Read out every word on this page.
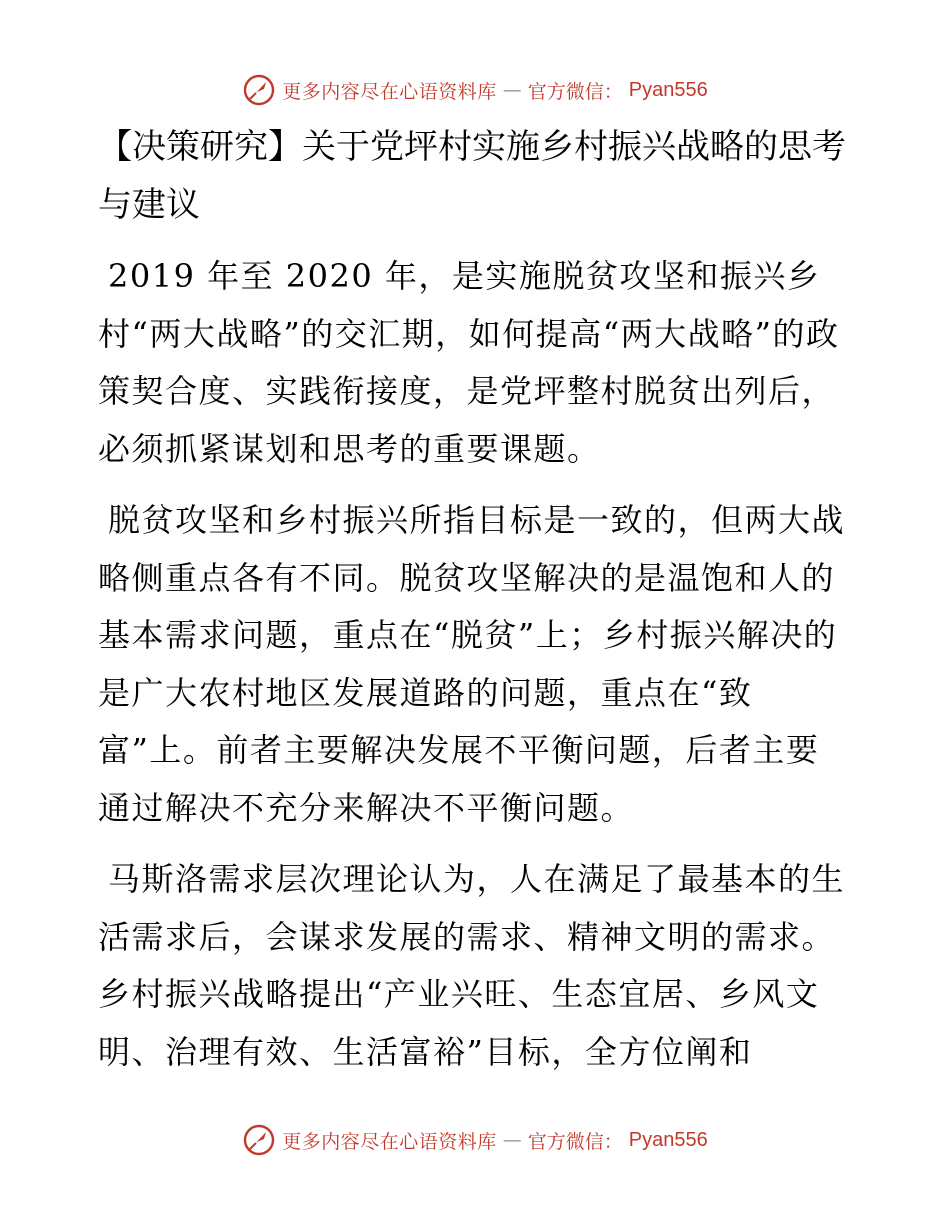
更多内容尽在心语资料库 — 官方微信： Pyan556
【决策研究】关于党坪村实施乡村振兴战略的思考与建议

2019 年至 2020 年，是实施脱贫攻坚和振兴乡村“两大战略”的交汇期，如何提高“两大战略”的政策契合度、实践衔接度，是党坪整村脱贫出列后，必须抓紧谋划和思考的重要课题。

脱贫攻坚和乡村振兴所指目标是一致的，但两大战略侧重点各有不同。脱贫攻坚解决的是温饱和人的基本需求问题，重点在“脱贫”上；乡村振兴解决的是广大农村地区发展道路的问题，重点在“致富”上。前者主要解决发展不平衡问题，后者主要通过解决不充分来解决不平衡问题。

马斯洛需求层次理论认为，人在满足了最基本的生活需求后，会谋求发展的需求、精神文明的需求。乡村振兴战略提出“产业兴旺、生态宜居、乡风文明、治理有效、生活富裕”目标，全方位阐和

更多内容尽在心语资料库 — 官方微信： Pyan556
